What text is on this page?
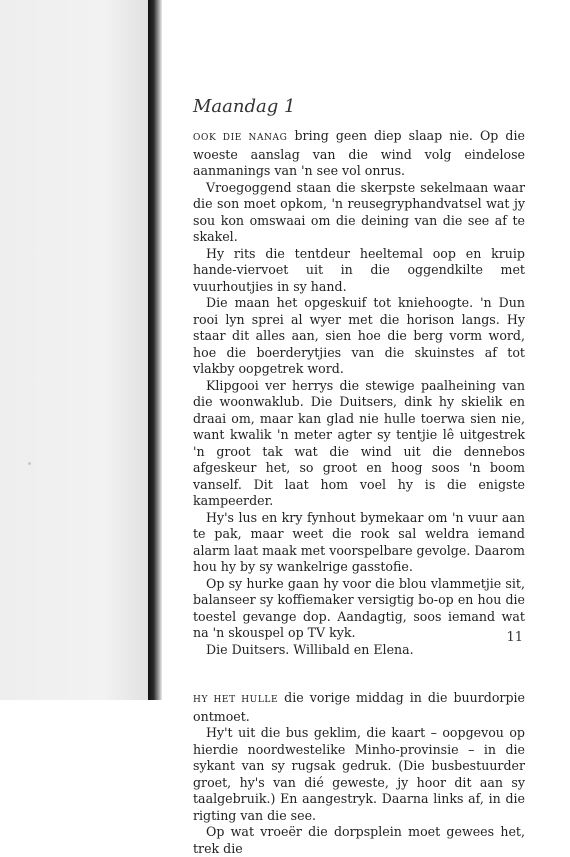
Maandag 1

OOK DIE NANAG bring geen diep slaap nie. Op die woeste aanslag van die wind volg eindelose aanmanings van 'n see vol onrus.

Vroegoggend staan die skerpste sekelmaan waar die son moet opkom, 'n reusegryphandvatsel wat jy sou kon omswaai om die deining van die see af te skakel.

Hy rits die tentdeur heeltemal oop en kruip hande-viervoet uit in die oggendkilte met vuurhoutjies in sy hand.

Die maan het opgeskuif tot kniehoogte. 'n Dun rooi lyn sprei al wyer met die horison langs. Hy staar dit alles aan, sien hoe die berg vorm word, hoe die boerderytjies van die skuinstes af tot vlakby oopgetrek word.

Klipgooi ver herrys die stewige paalheining van die woonwaklub. Die Duitsers, dink hy skielik en draai om, maar kan glad nie hulle toerwa sien nie, want kwalik 'n meter agter sy tentjie lê uitgestrek 'n groot tak wat die wind uit die dennebos afgeskeur het, so groot en hoog soos 'n boom vanself. Dit laat hom voel hy is die enigste kampeerder.

Hy's lus en kry fynhout bymekaar om 'n vuur aan te pak, maar weet die rook sal weldra iemand alarm laat maak met voorspelbare gevolge. Daarom hou hy by sy wankelrige gasstofie.

Op sy hurke gaan hy voor die blou vlammetjie sit, balanseer sy koffiemaker versigtig bo-op en hou die toestel gevange dop. Aandagtig, soos iemand wat na 'n skouspel op TV kyk.

Die Duitsers. Willibald en Elena.

HY HET HULLE die vorige middag in die buurdorpie ontmoet.

Hy't uit die bus geklim, die kaart – oopgevou op hierdie noordwestelike Minho-provinsie – in die sykant van sy rugsak gedruk. (Die busbestuurder groet, hy's van dié geweste, jy hoor dit aan sy taalgebruik.) En aangestryk. Daarna links af, in die rigting van die see.

Op wat vroeër die dorpsplein moet gewees het, trek die

11
